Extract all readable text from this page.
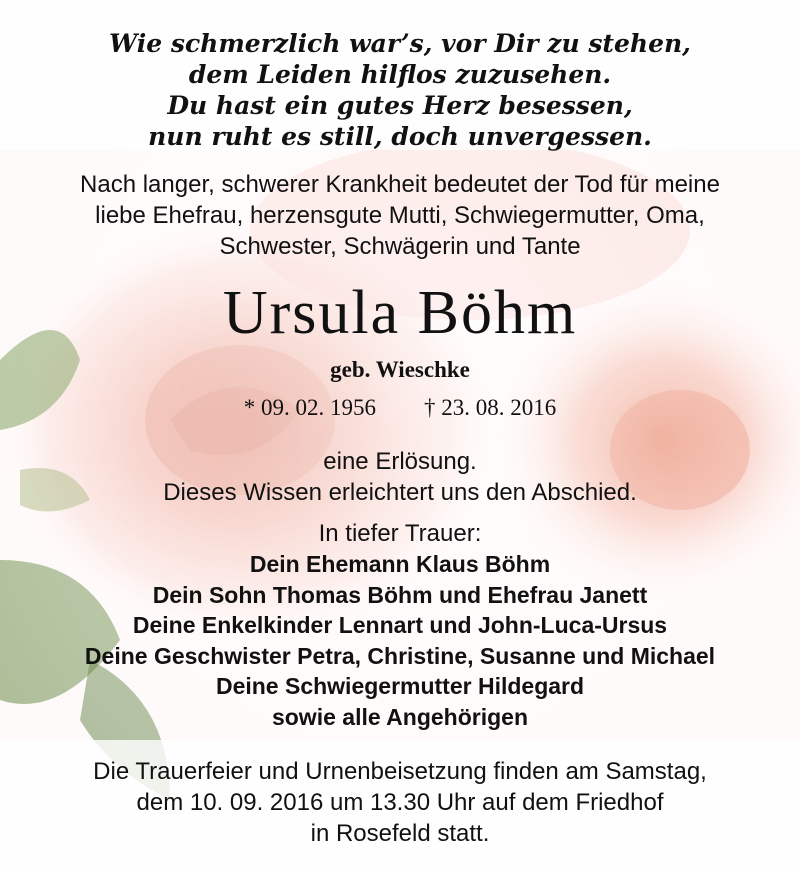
Wie schmerzlich war’s, vor Dir zu stehen,
dem Leiden hilflos zuzusehen.
Du hast ein gutes Herz besessen,
nun ruht es still, doch unvergessen.
Nach langer, schwerer Krankheit bedeutet der Tod für meine
liebe Ehefrau, herzensgute Mutti, Schwiegermutter, Oma,
Schwester, Schwägerin und Tante
Ursula Böhm
geb. Wieschke
* 09. 02. 1956 † 23. 08. 2016
eine Erlösung.
Dieses Wissen erleichtert uns den Abschied.
In tiefer Trauer:
Dein Ehemann Klaus Böhm
Dein Sohn Thomas Böhm und Ehefrau Janett
Deine Enkelkinder Lennart und John-Luca-Ursus
Deine Geschwister Petra, Christine, Susanne und Michael
Deine Schwiegermutter Hildegard
sowie alle Angehörigen
Die Trauerfeier und Urnenbeisetzung finden am Samstag,
dem 10. 09. 2016 um 13.30 Uhr auf dem Friedhof
in Rosefeld statt.
